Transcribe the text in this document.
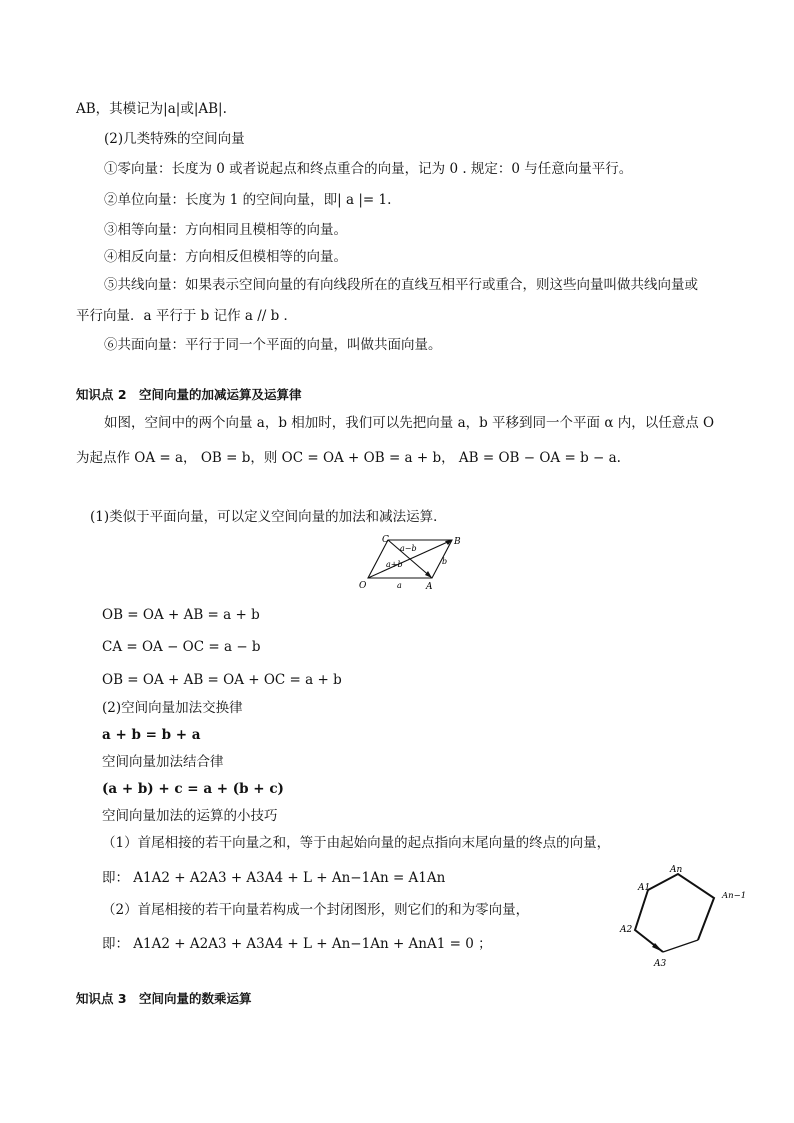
AB，其模记为|a|或|AB|.
(2)几类特殊的空间向量
①零向量：长度为 0 或者说起点和终点重合的向量，记为 0 . 规定：0 与任意向量平行。
②单位向量：长度为 1 的空间向量，即| a |= 1.
③相等向量：方向相同且模相等的向量。
④相反向量：方向相反但模相等的向量。
⑤共线向量：如果表示空间向量的有向线段所在的直线互相平行或重合，则这些向量叫做共线向量或
平行向量．a 平行于 b 记作 a // b ．
⑥共面向量：平行于同一个平面的向量，叫做共面向量。
知识点 2　空间向量的加减运算及运算律
如图，空间中的两个向量 a，b 相加时，我们可以先把向量 a，b 平移到同一个平面 α 内，以任意点 O
为起点作 OA = a， OB = b，则 OC = OA + OB = a + b， AB = OB − OA = b − a.
(1)类似于平面向量，可以定义空间向量的加法和减法运算．
C	B
O	A
a−b
a+b
a
b
OB = OA + AB = a + b
CA = OA − OC = a − b
OB = OA + AB = OA + OC = a + b
(2)空间向量加法交换律
a + b = b + a
空间向量加法结合律
(a + b) + c = a + (b + c)
空间向量加法的运算的小技巧
（1）首尾相接的若干向量之和，等于由起始向量的起点指向末尾向量的终点的向量，
即： A1A2 + A2A3 + A3A4 + L + An−1An = A1An
（2）首尾相接的若干向量若构成一个封闭图形，则它们的和为零向量，
即： A1A2 + A2A3 + A3A4 + L + An−1An + AnA1 = 0 ；
An
A1
An−1
A2
A3
知识点 3　空间向量的数乘运算
